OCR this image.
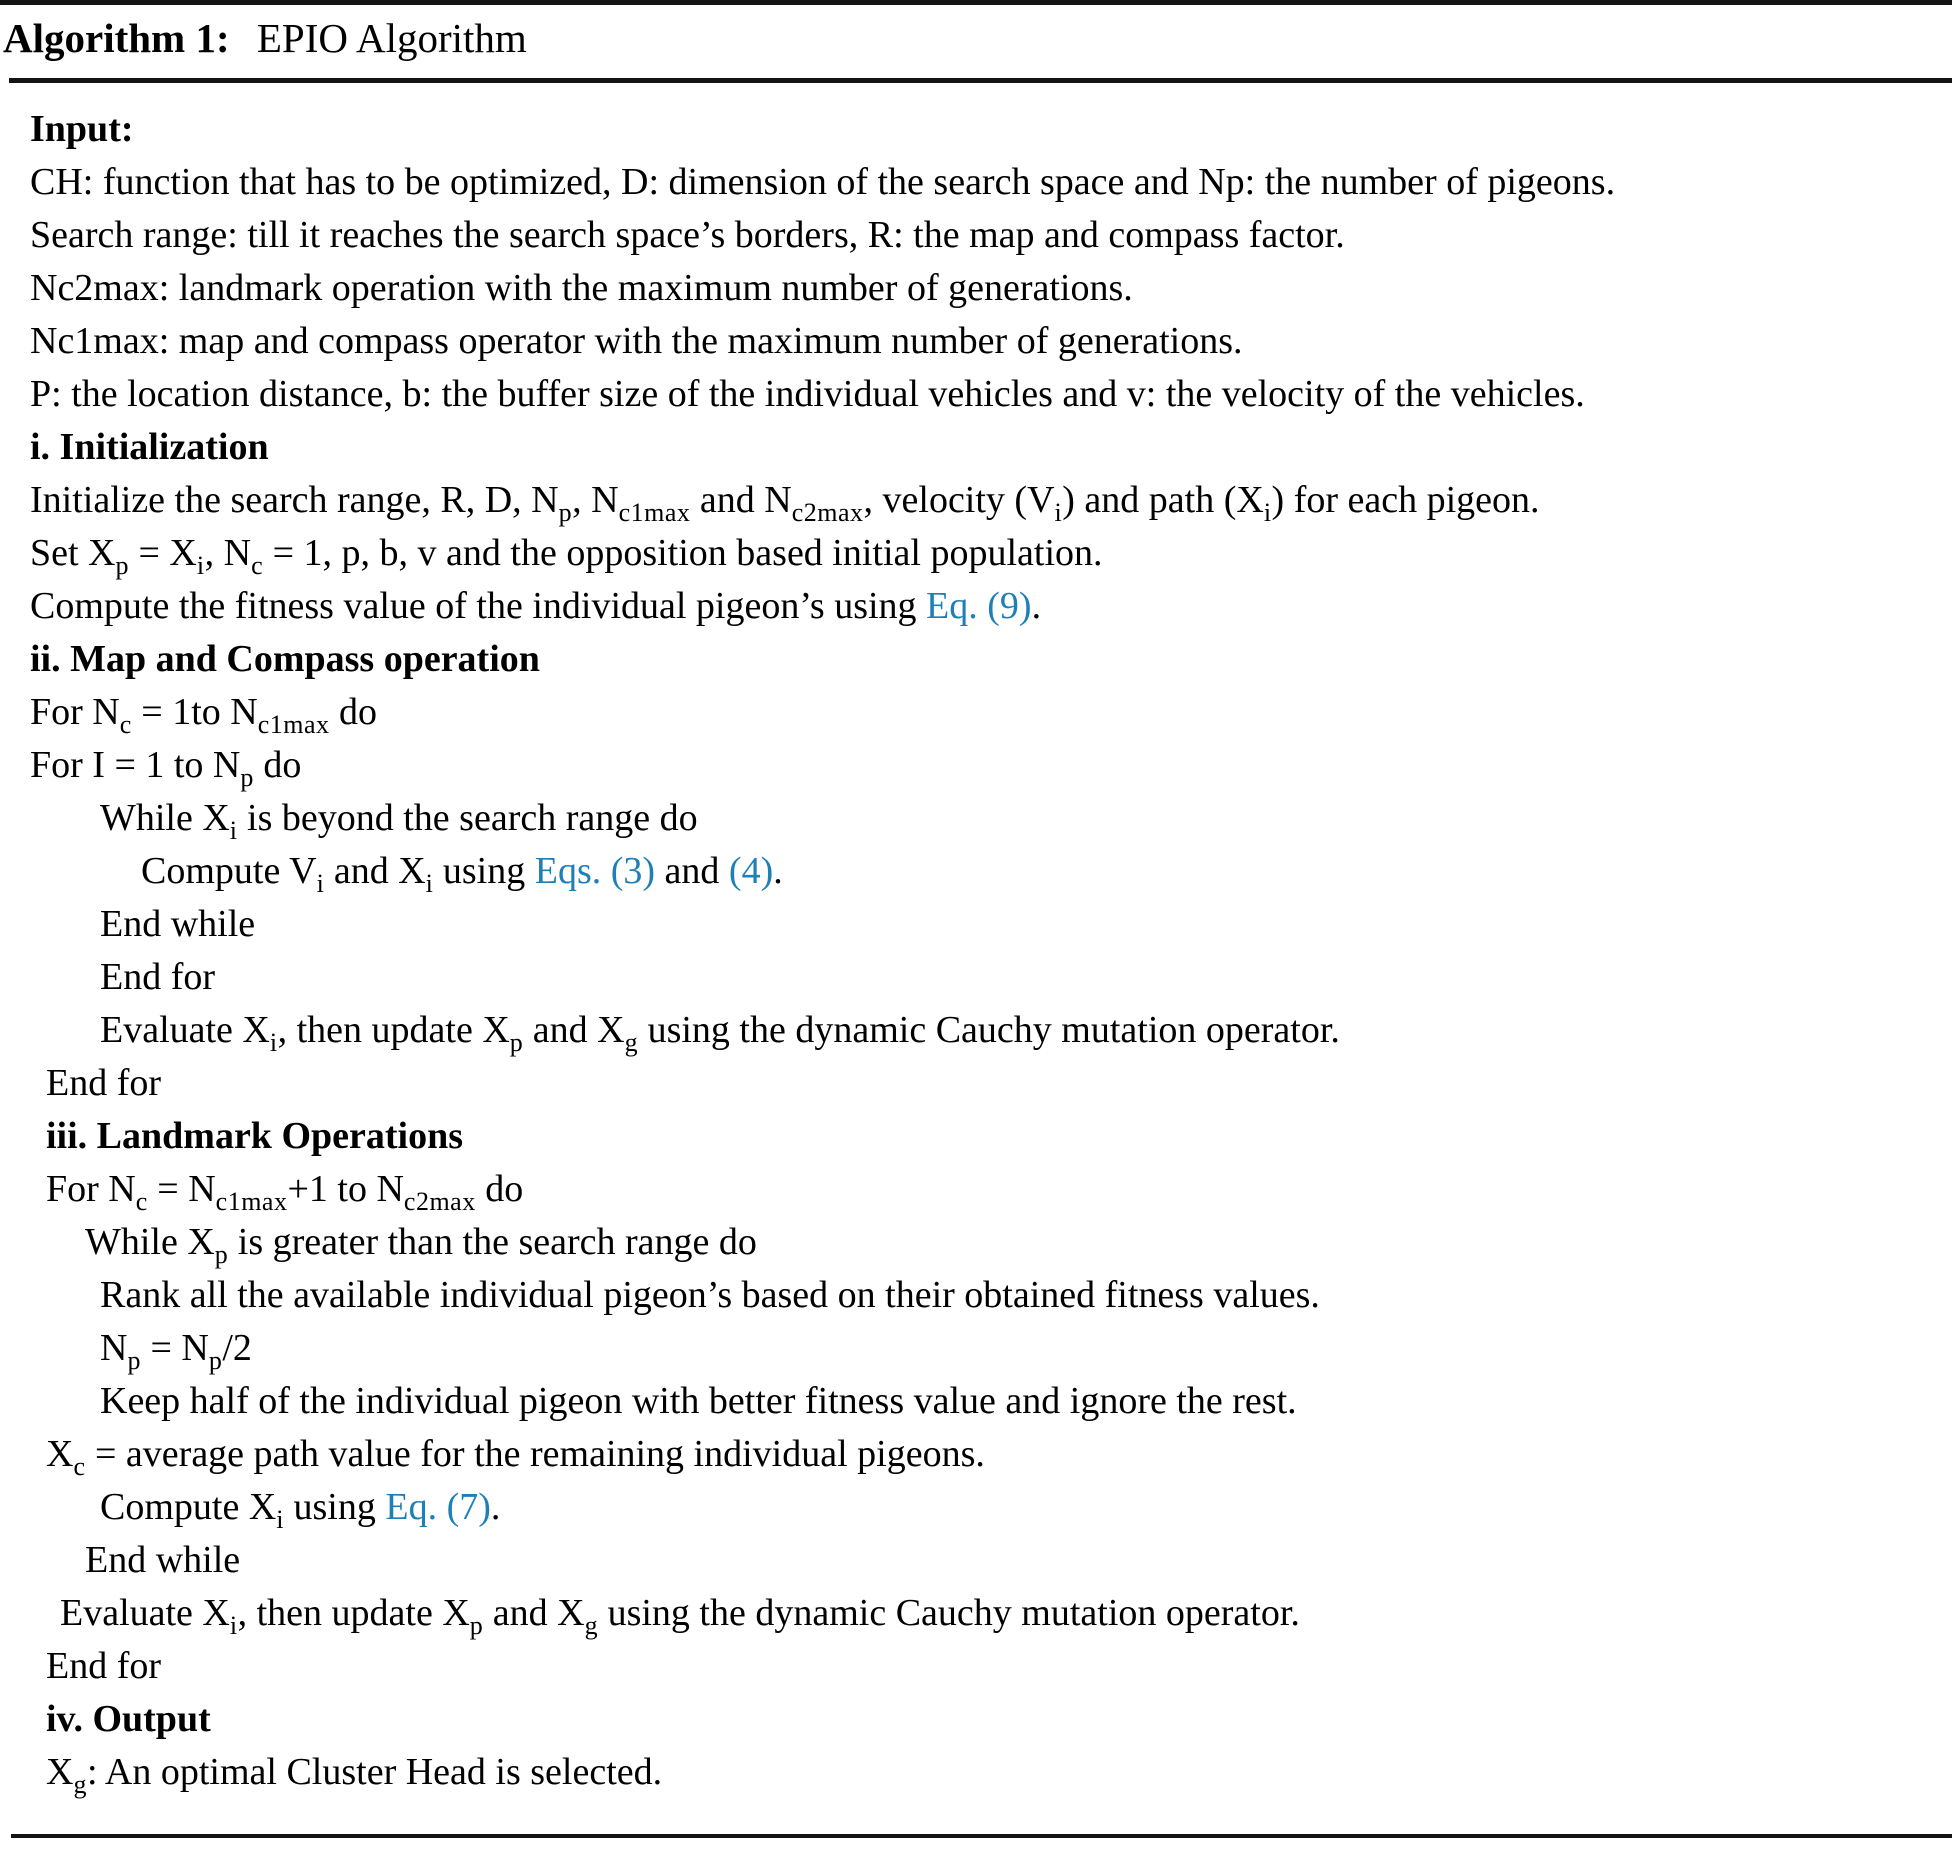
Algorithm 1: EPIO Algorithm
Input:
CH: function that has to be optimized, D: dimension of the search space and Np: the number of pigeons.
Search range: till it reaches the search space’s borders, R: the map and compass factor.
Nc2max: landmark operation with the maximum number of generations.
Nc1max: map and compass operator with the maximum number of generations.
P: the location distance, b: the buffer size of the individual vehicles and v: the velocity of the vehicles.
i. Initialization
Initialize the search range, R, D, $N_p$, $N_{c1max}$ and $N_{c2max}$, velocity $(V_i)$ and path $(X_i)$ for each pigeon.
Set $X_p = X_i$, $N_c = 1$, p, b, v and the opposition based initial population.
Compute the fitness value of the individual pigeon’s using Eq. (9).
ii. Map and Compass operation
For $N_c = 1to$ $N_{c1max}$ do
For I = 1 to $N_p$ do
While $X_i$ is beyond the search range do
Compute $V_i$ and $X_i$ using Eqs. (3) and (4).
End while
End for
Evaluate $X_i$, then update $X_p$ and $X_g$ using the dynamic Cauchy mutation operator.
End for
iii. Landmark Operations
For $N_c = N_{c1max}+1$ to $N_{c2max}$ do
While $X_p$ is greater than the search range do
Rank all the available individual pigeon’s based on their obtained fitness values.
$N_p = N_p/2$
Keep half of the individual pigeon with better fitness value and ignore the rest.
$X_c$ = average path value for the remaining individual pigeons.
Compute $X_i$ using Eq. (7).
End while
Evaluate $X_i$, then update $X_p$ and $X_g$ using the dynamic Cauchy mutation operator.
End for
iv. Output
$X_g$: An optimal Cluster Head is selected.
